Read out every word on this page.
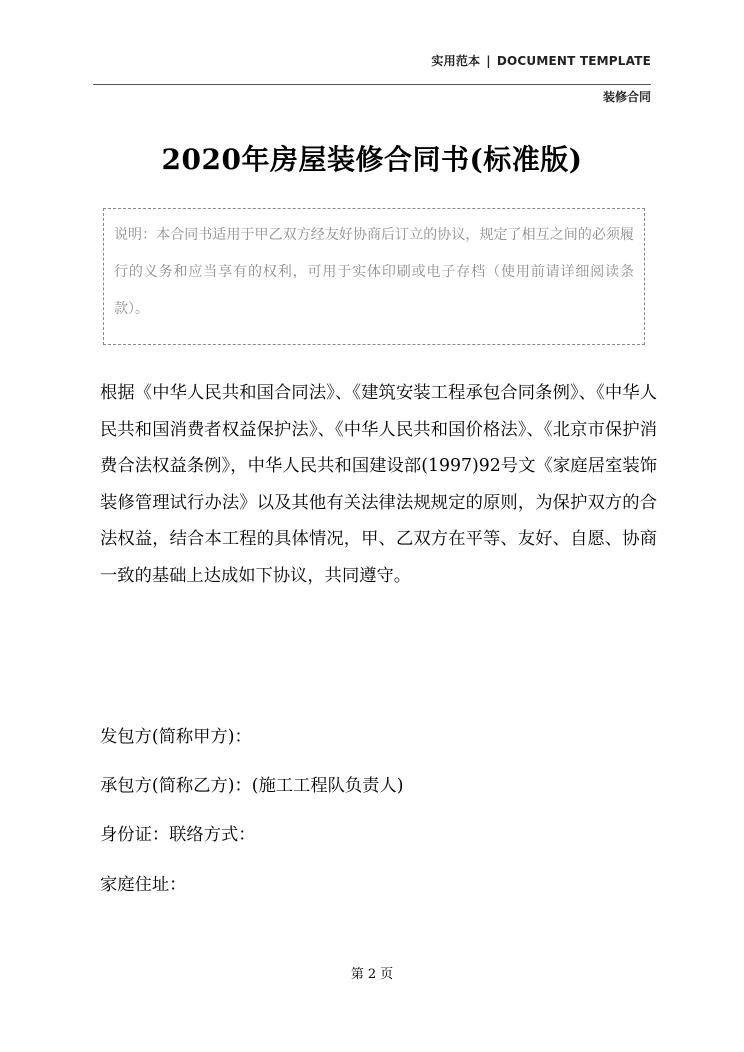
实用范本 | DOCUMENT TEMPLATE
装修合同
2020年房屋装修合同书(标准版)
说明：本合同书适用于甲乙双方经友好协商后订立的协议，规定了相互之间的必须履行的义务和应当享有的权利，可用于实体印刷或电子存档（使用前请详细阅读条款）。
根据《中华人民共和国合同法》、《建筑安装工程承包合同条例》、《中华人民共和国消费者权益保护法》、《中华人民共和国价格法》、《北京市保护消费合法权益条例》，中华人民共和国建设部(1997)92号文《家庭居室装饰装修管理试行办法》以及其他有关法律法规规定的原则，为保护双方的合法权益，结合本工程的具体情况，甲、乙双方在平等、友好、自愿、协商一致的基础上达成如下协议，共同遵守。
发包方(简称甲方)：
承包方(简称乙方)：(施工工程队负责人)
身份证：联络方式：
家庭住址：
第 2 页
